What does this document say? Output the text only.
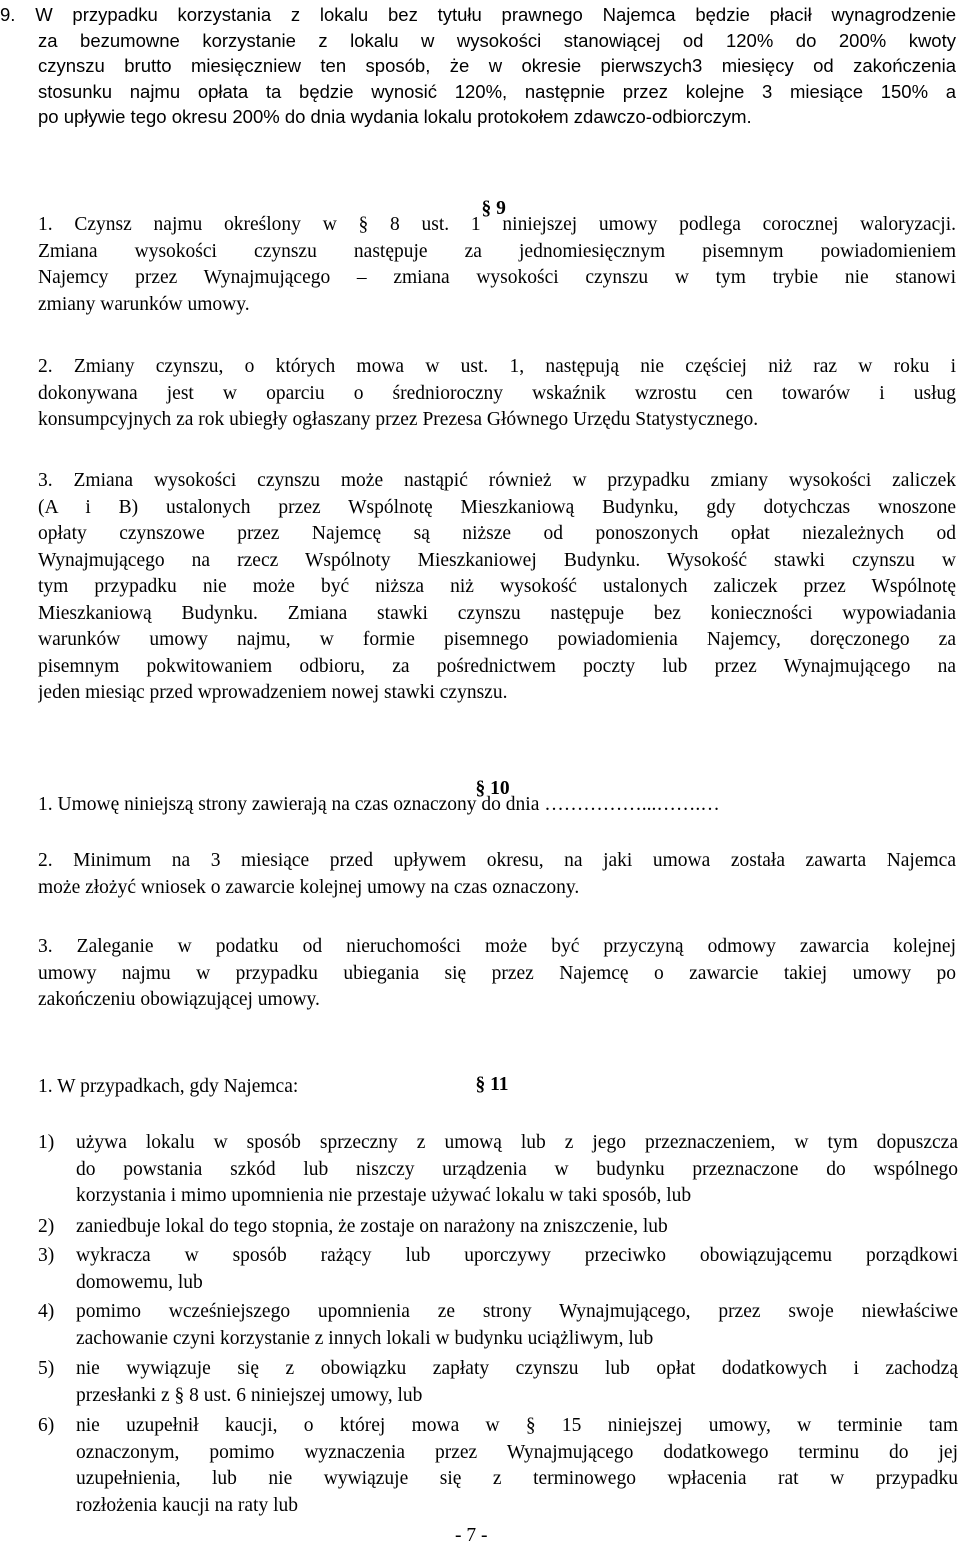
9. W przypadku korzystania z lokalu bez tytułu prawnego Najemca będzie płacił wynagrodzenie
za bezumowne korzystanie z lokalu w wysokości stanowiącej od 120% do 200% kwoty
czynszu brutto miesięczniew ten sposób, że w okresie pierwszych3 miesięcy od zakończenia
stosunku najmu opłata ta będzie wynosić 120%, następnie przez kolejne 3 miesiące 150% a
po upływie tego okresu 200% do dnia wydania lokalu protokołem zdawczo-odbiorczym.

§ 9

1. Czynsz najmu określony w § 8 ust. 1 niniejszej umowy podlega corocznej waloryzacji.
Zmiana wysokości czynszu następuje za jednomiesięcznym pisemnym powiadomieniem
Najemcy przez Wynajmującego – zmiana wysokości czynszu w tym trybie nie stanowi
zmiany warunków umowy.
2. Zmiany czynszu, o których mowa w ust. 1, następują nie częściej niż raz w roku i
dokonywana jest w oparciu o średnioroczny wskaźnik wzrostu cen towarów i usług
konsumpcyjnych za rok ubiegły ogłaszany przez Prezesa Głównego Urzędu Statystycznego.
3. Zmiana wysokości czynszu może nastąpić również w przypadku zmiany wysokości zaliczek
(A i B) ustalonych przez Wspólnotę Mieszkaniową Budynku, gdy dotychczas wnoszone
opłaty czynszowe przez Najemcę są niższe od ponoszonych opłat niezależnych od
Wynajmującego na rzecz Wspólnoty Mieszkaniowej Budynku. Wysokość stawki czynszu w
tym przypadku nie może być niższa niż wysokość ustalonych zaliczek przez Wspólnotę
Mieszkaniową Budynku. Zmiana stawki czynszu następuje bez konieczności wypowiadania
warunków umowy najmu, w formie pisemnego powiadomienia Najemcy, doręczonego za
pisemnym pokwitowaniem odbioru, za pośrednictwem poczty lub przez Wynajmującego na
jeden miesiąc przed wprowadzeniem nowej stawki czynszu.

§ 10

1. Umowę niniejszą strony zawierają na czas oznaczony do dnia ……………...…….…
2. Minimum na 3 miesiące przed upływem okresu, na jaki umowa została zawarta Najemca
może złożyć wniosek o zawarcie kolejnej umowy na czas oznaczony.
3. Zaleganie w podatku od nieruchomości może być przyczyną odmowy zawarcia kolejnej
umowy najmu w przypadku ubiegania się przez Najemcę o zawarcie takiej umowy po
zakończeniu obowiązującej umowy.

§ 11

1. W przypadkach, gdy Najemca:
1) używa lokalu w sposób sprzeczny z umową lub z jego przeznaczeniem, w tym dopuszcza
do powstania szkód lub niszczy urządzenia w budynku przeznaczone do wspólnego
korzystania i mimo upomnienia nie przestaje używać lokalu w taki sposób, lub
2) zaniedbuje lokal do tego stopnia, że zostaje on narażony na zniszczenie, lub
3) wykracza w sposób rażący lub uporczywy przeciwko obowiązującemu porządkowi
domowemu, lub
4) pomimo wcześniejszego upomnienia ze strony Wynajmującego, przez swoje niewłaściwe
zachowanie czyni korzystanie z innych lokali w budynku uciążliwym, lub
5) nie wywiązuje się z obowiązku zapłaty czynszu lub opłat dodatkowych i zachodzą
przesłanki z § 8 ust. 6 niniejszej umowy, lub
6) nie uzupełnił kaucji, o której mowa w § 15 niniejszej umowy, w terminie tam
oznaczonym, pomimo wyznaczenia przez Wynajmującego dodatkowego terminu do jej
uzupełnienia, lub nie wywiązuje się z terminowego wpłacenia rat w przypadku
rozłożenia kaucji na raty lub
- 7 -
